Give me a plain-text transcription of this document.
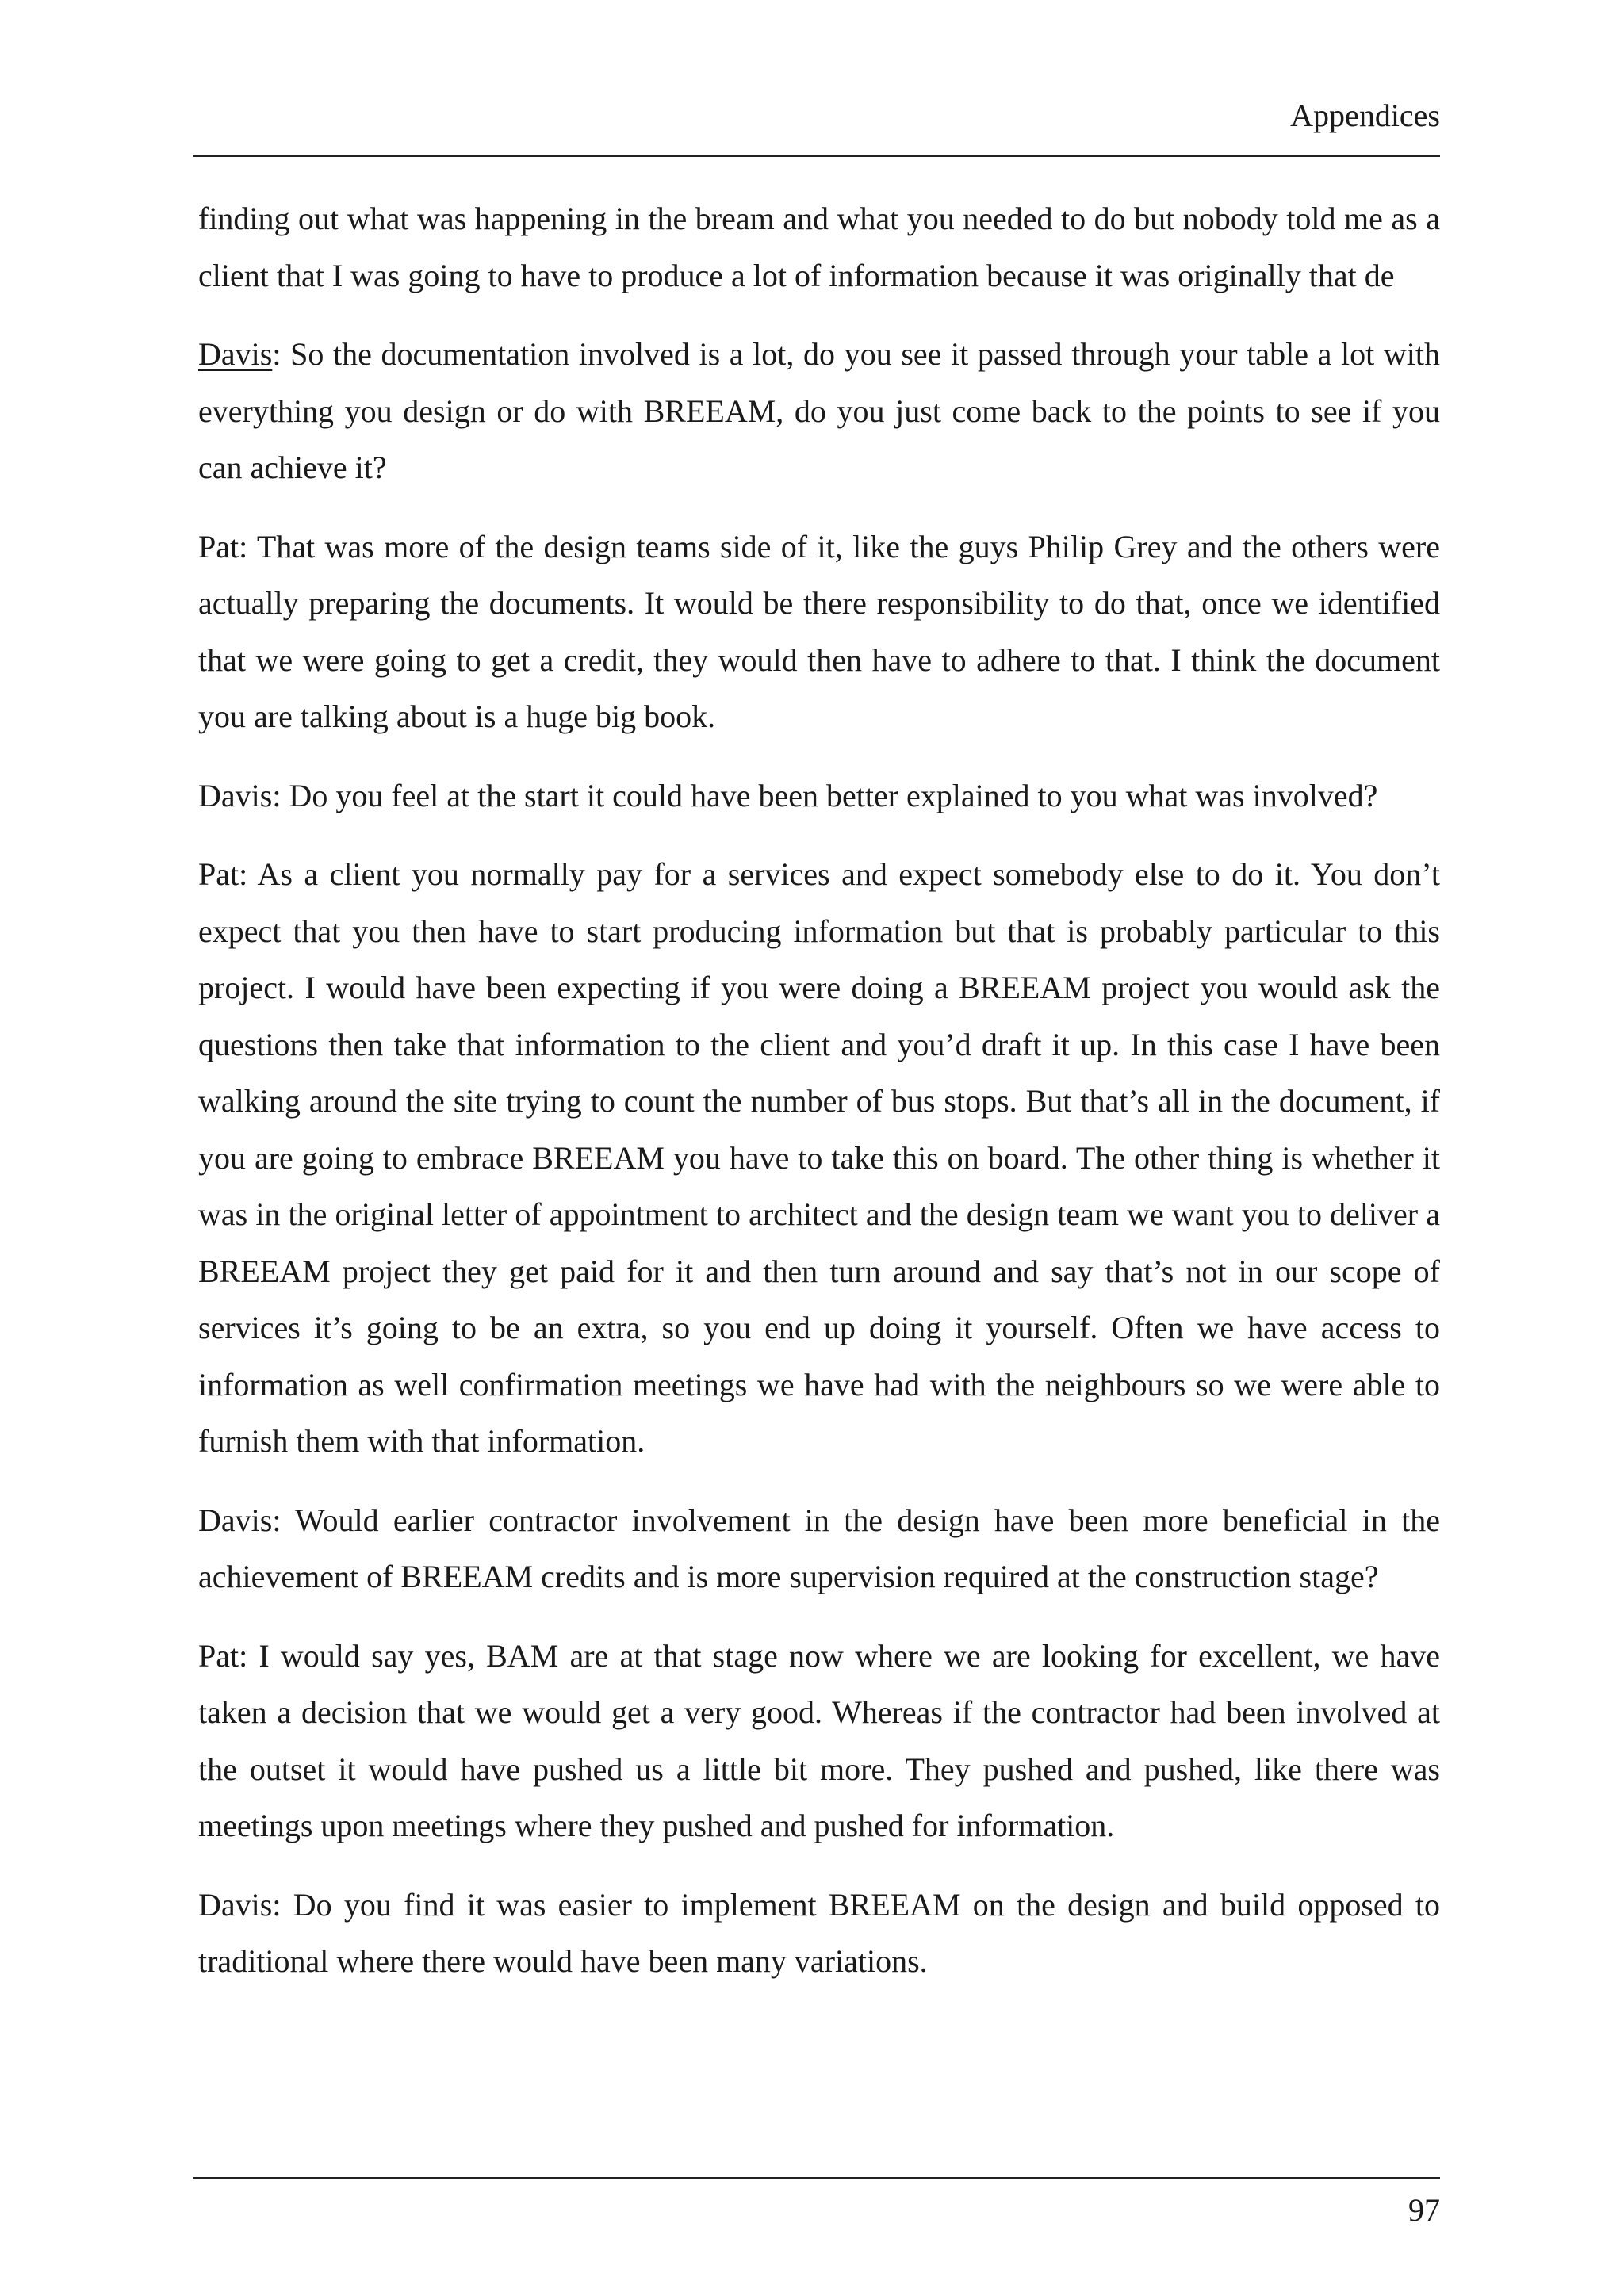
Appendices

finding out what was happening in the bream and what you needed to do but nobody told me as a client that I was going to have to produce a lot of information because it was originally that de

Davis: So the documentation involved is a lot, do you see it passed through your table a lot with everything you design or do with BREEAM, do you just come back to the points to see if you can achieve it?

Pat: That was more of the design teams side of it, like the guys Philip Grey and the others were actually preparing the documents. It would be there responsibility to do that, once we identified that we were going to get a credit, they would then have to adhere to that. I think the document you are talking about is a huge big book.

Davis: Do you feel at the start it could have been better explained to you what was involved?

Pat: As a client you normally pay for a services and expect somebody else to do it. You don’t expect that you then have to start producing information but that is probably particular to this project. I would have been expecting if you were doing a BREEAM project you would ask the questions then take that information to the client and you’d draft it up. In this case I have been walking around the site trying to count the number of bus stops. But that’s all in the document, if you are going to embrace BREEAM you have to take this on board. The other thing is whether it was in the original letter of appointment to architect and the design team we want you to deliver a BREEAM project they get paid for it and then turn around and say that’s not in our scope of services it’s going to be an extra, so you end up doing it yourself. Often we have access to information as well confirmation meetings we have had with the neighbours so we were able to furnish them with that information.

Davis: Would earlier contractor involvement in the design have been more beneficial in the achievement of BREEAM credits and is more supervision required at the construction stage?

Pat: I would say yes, BAM are at that stage now where we are looking for excellent, we have taken a decision that we would get a very good. Whereas if the contractor had been involved at the outset it would have pushed us a little bit more. They pushed and pushed, like there was meetings upon meetings where they pushed and pushed for information.

Davis: Do you find it was easier to implement BREEAM on the design and build opposed to traditional where there would have been many variations.

97
